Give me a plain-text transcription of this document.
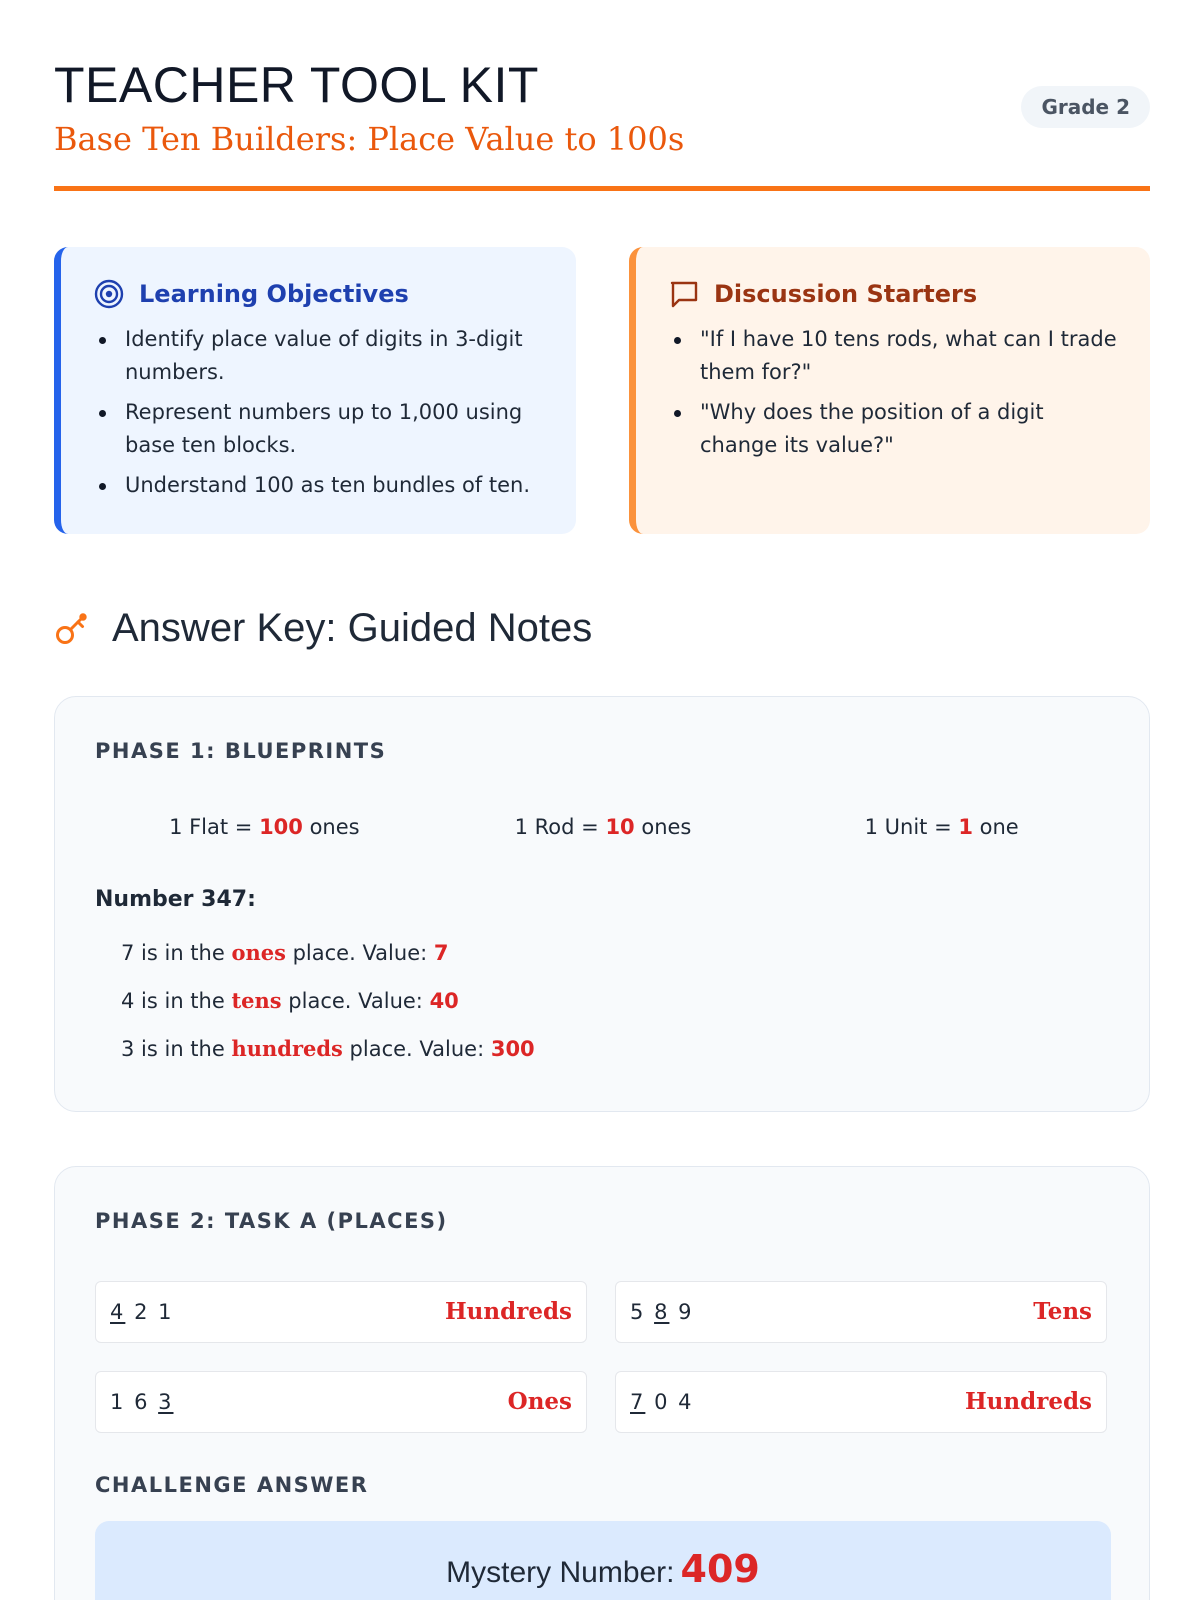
TEACHER TOOL KIT
Base Ten Builders: Place Value to 100s
Grade 2
Learning Objectives
Identify place value of digits in 3-digit numbers.
Represent numbers up to 1,000 using base ten blocks.
Understand 100 as ten bundles of ten.
Discussion Starters
"If I have 10 tens rods, what can I trade them for?"
"Why does the position of a digit change its value?"
Answer Key: Guided Notes
PHASE 1: BLUEPRINTS
1 Flat = 100 ones	1 Rod = 10 ones	1 Unit = 1 one
Number 347:
7 is in the ones place. Value: 7
4 is in the tens place. Value: 40
3 is in the hundreds place. Value: 300
PHASE 2: TASK A (PLACES)
4 2 1	Hundreds	5 8 9	Tens
1 6 3	Ones	7 0 4	Hundreds
CHALLENGE ANSWER
Mystery Number: 409
